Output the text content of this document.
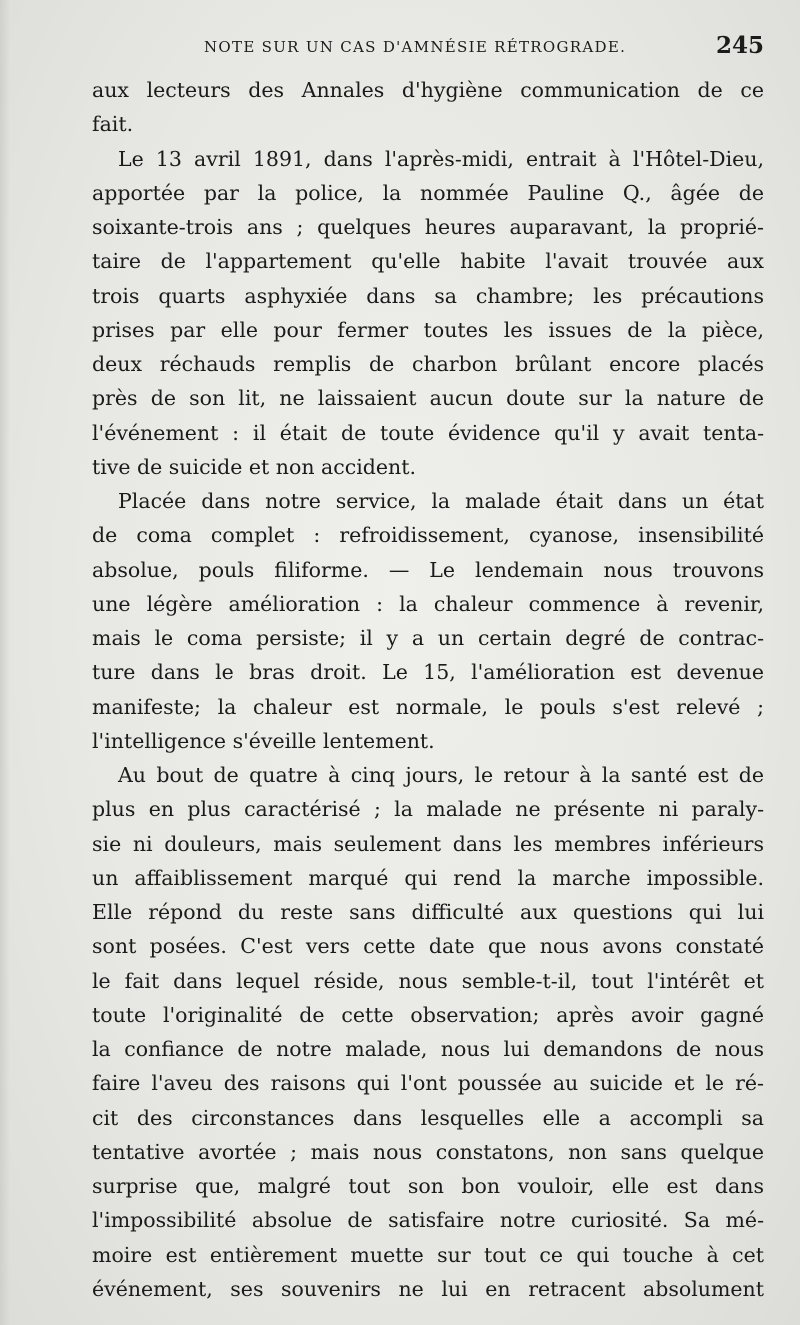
NOTE SUR UN CAS D'AMNÉSIE RÉTROGRADE.	245
aux lecteurs des Annales d'hygiène communication de ce
fait.
Le 13 avril 1891, dans l'après-midi, entrait à l'Hôtel-Dieu,
apportée par la police, la nommée Pauline Q., âgée de
soixante-trois ans ; quelques heures auparavant, la proprié-
taire de l'appartement qu'elle habite l'avait trouvée aux
trois quarts asphyxiée dans sa chambre; les précautions
prises par elle pour fermer toutes les issues de la pièce,
deux réchauds remplis de charbon brûlant encore placés
près de son lit, ne laissaient aucun doute sur la nature de
l'événement : il était de toute évidence qu'il y avait tenta-
tive de suicide et non accident.
Placée dans notre service, la malade était dans un état
de coma complet : refroidissement, cyanose, insensibilité
absolue, pouls filiforme. — Le lendemain nous trouvons
une légère amélioration : la chaleur commence à revenir,
mais le coma persiste; il y a un certain degré de contrac-
ture dans le bras droit. Le 15, l'amélioration est devenue
manifeste; la chaleur est normale, le pouls s'est relevé ;
l'intelligence s'éveille lentement.
Au bout de quatre à cinq jours, le retour à la santé est de
plus en plus caractérisé ; la malade ne présente ni paraly-
sie ni douleurs, mais seulement dans les membres inférieurs
un affaiblissement marqué qui rend la marche impossible.
Elle répond du reste sans difficulté aux questions qui lui
sont posées. C'est vers cette date que nous avons constaté
le fait dans lequel réside, nous semble-t-il, tout l'intérêt et
toute l'originalité de cette observation; après avoir gagné
la confiance de notre malade, nous lui demandons de nous
faire l'aveu des raisons qui l'ont poussée au suicide et le ré-
cit des circonstances dans lesquelles elle a accompli sa
tentative avortée ; mais nous constatons, non sans quelque
surprise que, malgré tout son bon vouloir, elle est dans
l'impossibilité absolue de satisfaire notre curiosité. Sa mé-
moire est entièrement muette sur tout ce qui touche à cet
événement, ses souvenirs ne lui en retracent absolument
